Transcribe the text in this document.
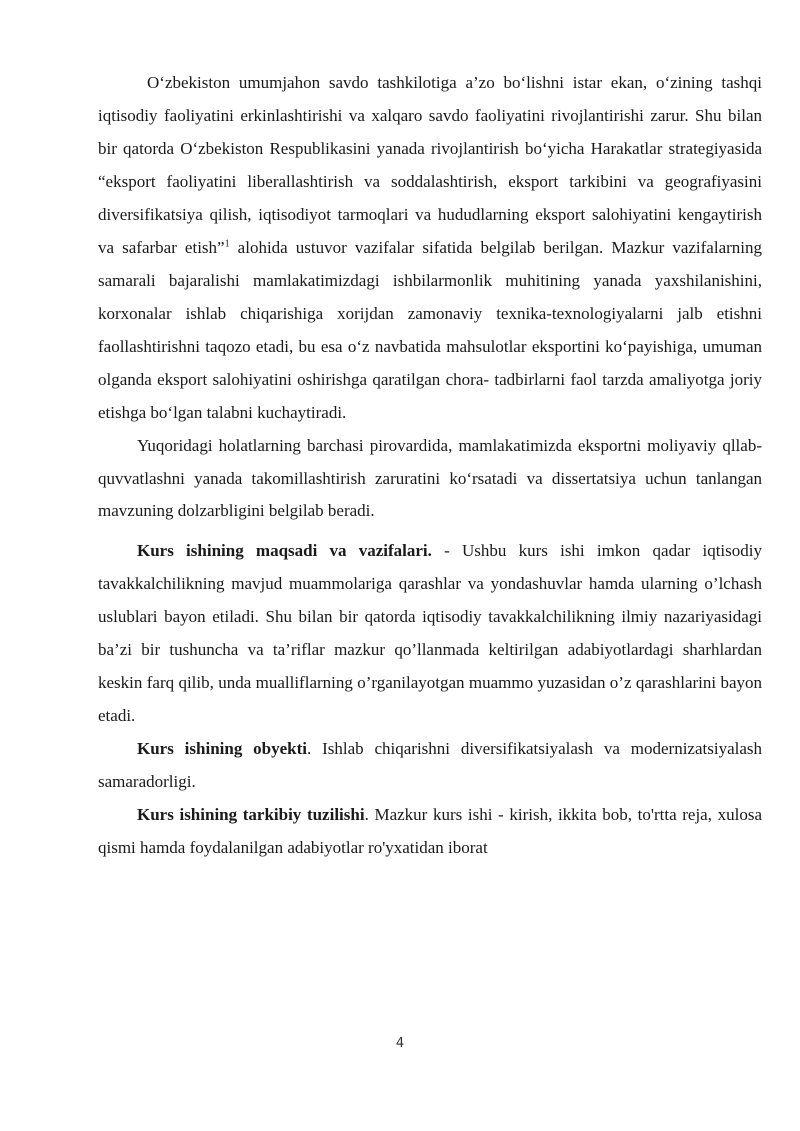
O‘zbekiston umumjahon savdo tashkilotiga a’zo bo‘lishni istar ekan, o‘zining tashqi iqtisodiy faoliyatini erkinlashtirishi va xalqaro savdo faoliyatini rivojlantirishi zarur. Shu bilan bir qatorda O‘zbekiston Respublikasini yanada rivojlantirish bo‘yicha Harakatlar strategiyasida “eksport faoliyatini liberallashtirish va soddalashtirish, eksport tarkibini va geografiyasini diversifikatsiya qilish, iqtisodiyot tarmoqlari va hududlarning eksport salohiyatini kengaytirish va safarbar etish”$^1$ alohida ustuvor vazifalar sifatida belgilab berilgan. Mazkur vazifalarning samarali bajaralishi mamlakatimizdagi ishbilarmonlik muhitining yanada yaxshilanishini, korxonalar ishlab chiqarishiga xorijdan zamonaviy texnika-texnologiyalarni jalb etishni faollashtirishni taqozo etadi, bu esa o‘z navbatida mahsulotlar eksportini ko‘payishiga, umuman olganda eksport salohiyatini oshirishga qaratilgan chora- tadbirlarni faol tarzda amaliyotga joriy etishga bo‘lgan talabni kuchaytiradi.

Yuqoridagi holatlarning barchasi pirovardida, mamlakatimizda eksportni moliyaviy qllab-quvvatlashni yanada takomillashtirish zaruratini ko‘rsatadi va dissertatsiya uchun tanlangan mavzuning dolzarbligini belgilab beradi.

Kurs ishining maqsadi va vazifalari. - Ushbu kurs ishi imkon qadar iqtisodiy tavakkalchilikning mavjud muammolariga qarashlar va yondashuvlar hamda ularning o’lchash uslublari bayon etiladi. Shu bilan bir qatorda iqtisodiy tavakkalchilikning ilmiy nazariyasidagi ba’zi bir tushuncha va ta’riflar mazkur qo’llanmada keltirilgan adabiyotlardagi sharhlardan keskin farq qilib, unda mualliflarning o’rganilayotgan muammo yuzasidan o’z qarashlarini bayon etadi.

Kurs ishining obyekti. Ishlab chiqarishni diversifikatsiyalash va modernizatsiyalash samaradorligi.

Kurs ishining tarkibiy tuzilishi. Mazkur kurs ishi - kirish, ikkita bob, to'rtta reja, xulosa qismi hamda foydalanilgan adabiyotlar ro'yxatidan iborat

4
